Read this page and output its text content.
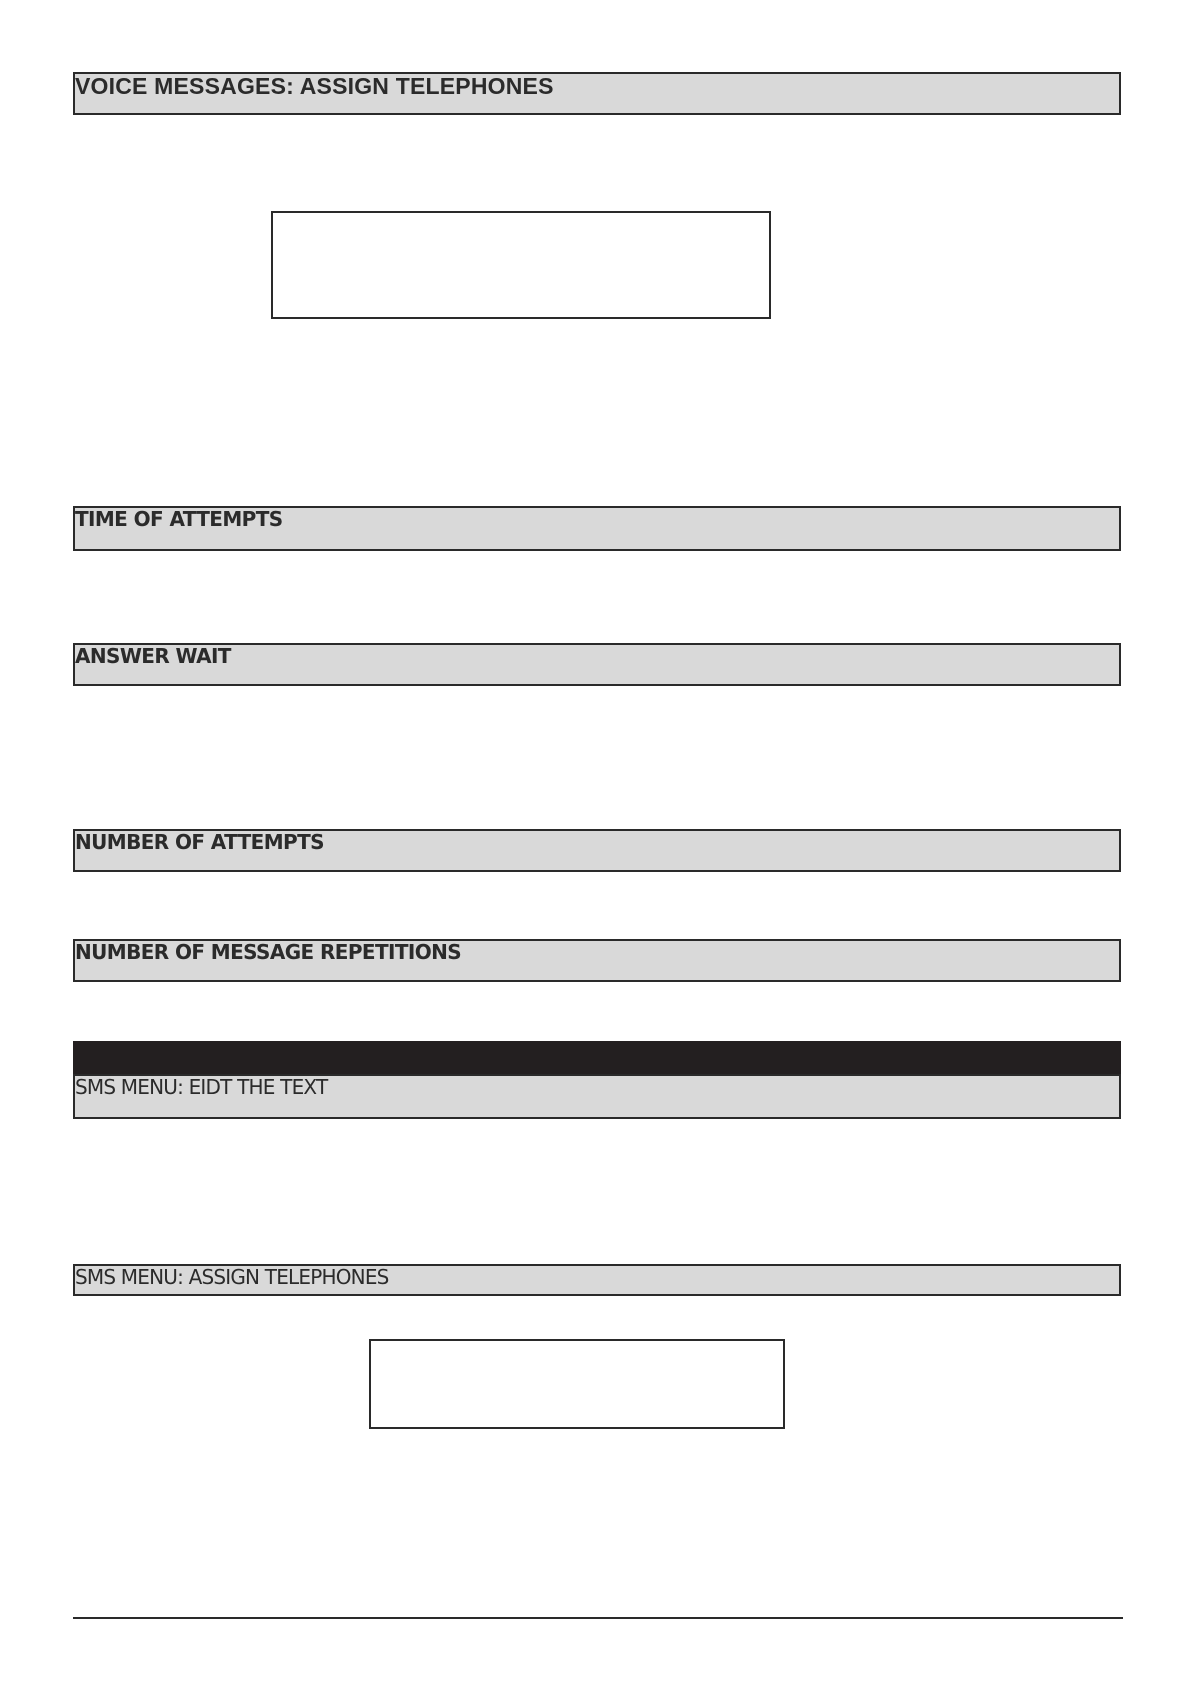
VOICE MESSAGES: ASSIGN TELEPHONES
TIME OF ATTEMPTS
ANSWER WAIT
NUMBER OF ATTEMPTS
NUMBER OF MESSAGE REPETITIONS
SMS MENU: EIDT THE TEXT
SMS MENU: ASSIGN TELEPHONES
